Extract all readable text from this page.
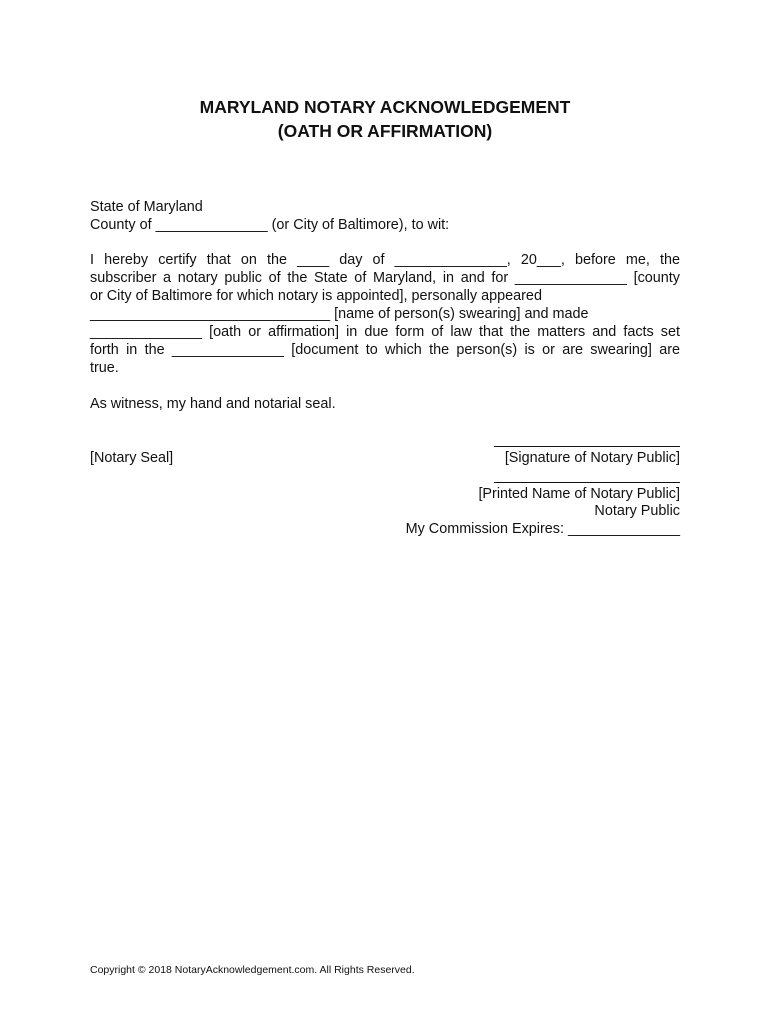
MARYLAND NOTARY ACKNOWLEDGEMENT
(OATH OR AFFIRMATION)
State of Maryland
County of ______________ (or City of Baltimore), to wit:
I hereby certify that on the ____ day of ______________, 20___, before me, the
subscriber a notary public of the State of Maryland, in and for ______________ [county
or City of Baltimore for which notary is appointed], personally appeared
______________________________ [name of person(s) swearing] and made
______________ [oath or affirmation] in due form of law that the matters and facts set
forth in the ______________ [document to which the person(s) is or are swearing] are
true.
As witness, my hand and notarial seal.
[Notary Seal]	[Signature of Notary Public]
[Printed Name of Notary Public]
Notary Public
My Commission Expires: ______________
Copyright © 2018 NotaryAcknowledgement.com. All Rights Reserved.
